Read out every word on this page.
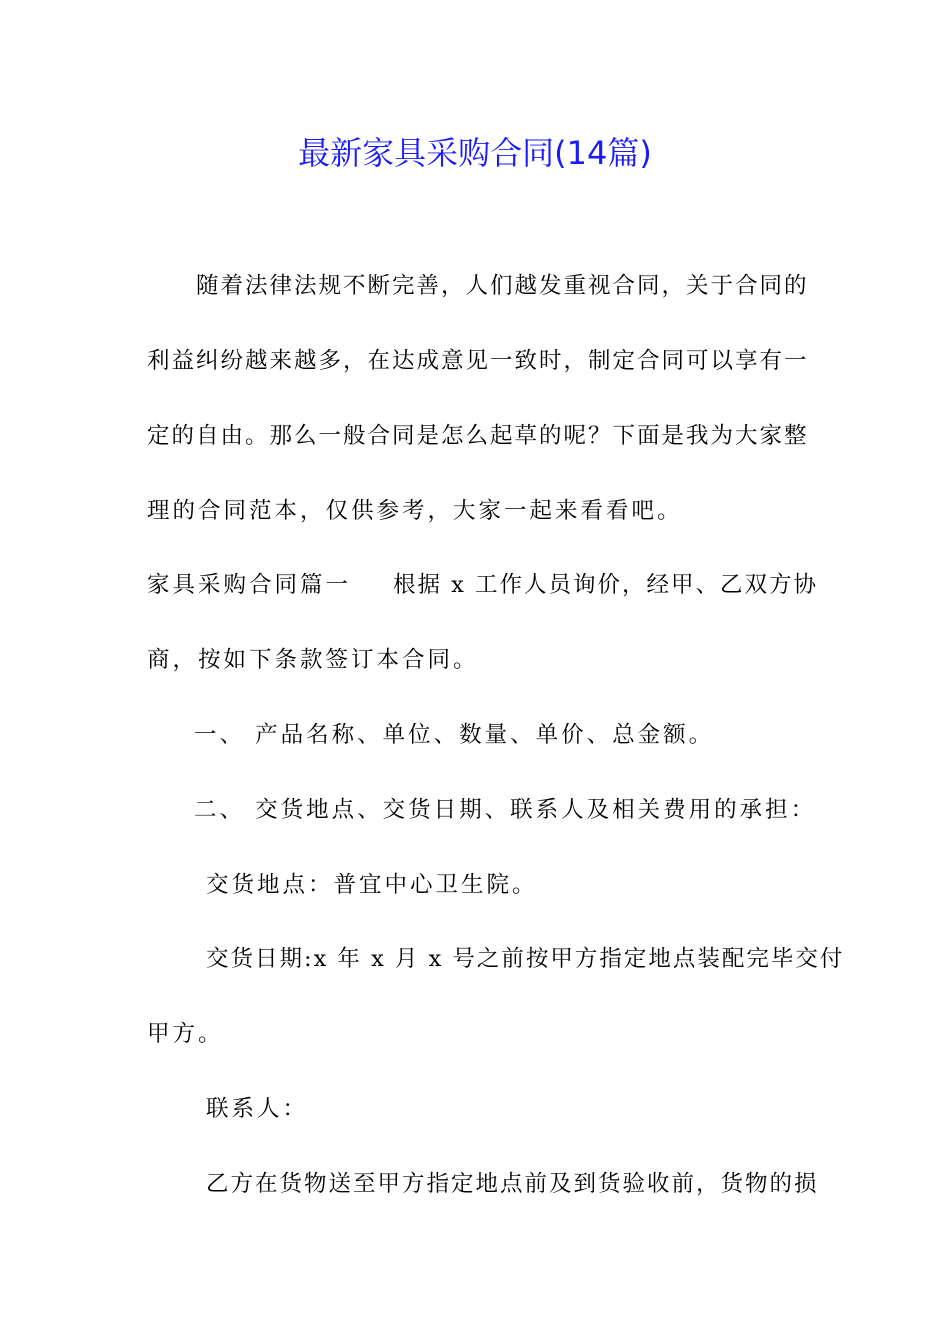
最新家具采购合同(14篇)
随着法律法规不断完善，人们越发重视合同，关于合同的
利益纠纷越来越多，在达成意见一致时，制定合同可以享有一
定的自由。那么一般合同是怎么起草的呢？下面是我为大家整
理的合同范本，仅供参考，大家一起来看看吧。
家具采购合同篇一 根据 x 工作人员询价，经甲、乙双方协
商，按如下条款签订本合同。
一、 产品名称、单位、数量、单价、总金额。
二、 交货地点、交货日期、联系人及相关费用的承担：
交货地点：普宜中心卫生院。
交货日期:x 年 x 月 x 号之前按甲方指定地点装配完毕交付
甲方。
联系人：
乙方在货物送至甲方指定地点前及到货验收前，货物的损
